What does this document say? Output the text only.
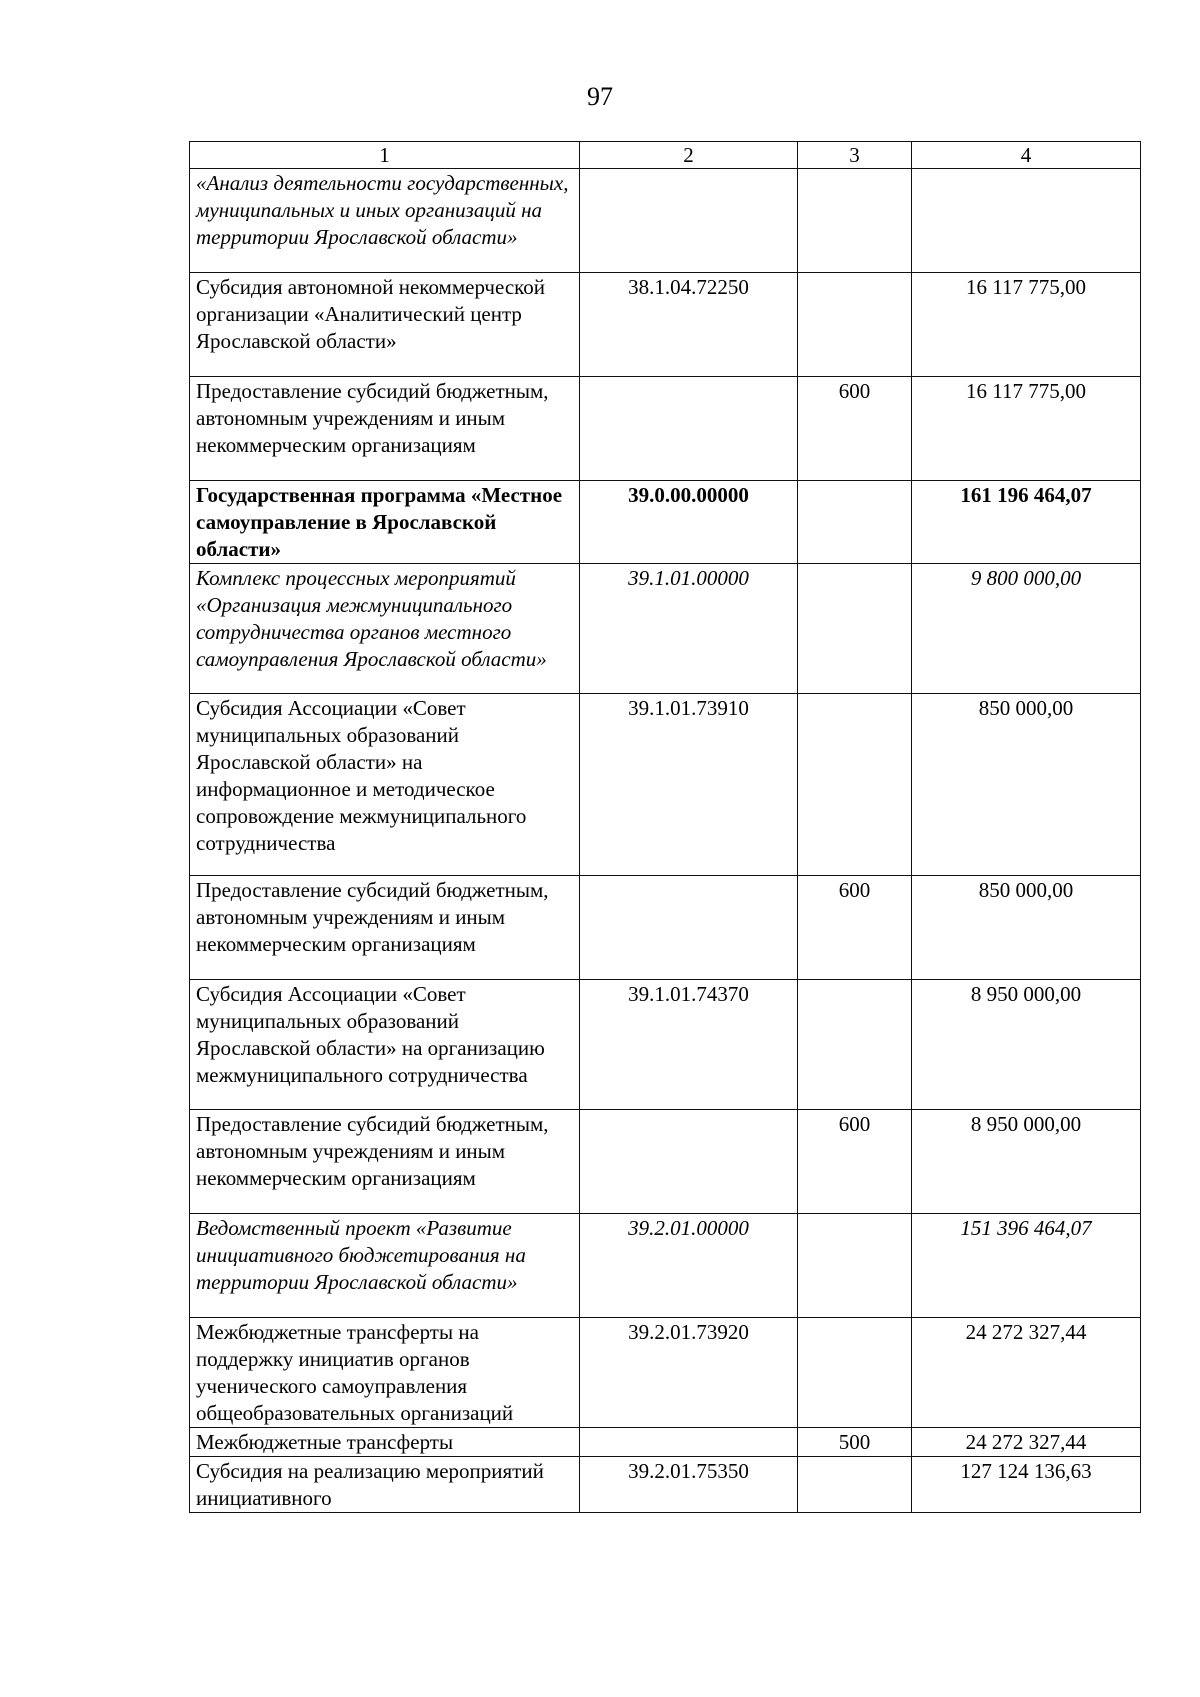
97
1	2	3	4
«Анализ деятельности государственных, муниципальных и иных организаций на территории Ярославской области»			
Субсидия автономной некоммерческой организации «Аналитический центр Ярославской области»	38.1.04.72250		16 117 775,00
Предоставление субсидий бюджетным, автономным учреждениям и иным некоммерческим организациям		600	16 117 775,00
Государственная программа «Местное самоуправление в Ярославской области»	39.0.00.00000		161 196 464,07
Комплекс процессных мероприятий «Организация межмуниципального сотрудничества органов местного самоуправления Ярославской области»	39.1.01.00000		9 800 000,00
Субсидия Ассоциации «Совет муниципальных образований Ярославской области» на информационное и методическое сопровождение межмуниципального сотрудничества	39.1.01.73910		850 000,00
Предоставление субсидий бюджетным, автономным учреждениям и иным некоммерческим организациям		600	850 000,00
Субсидия Ассоциации «Совет муниципальных образований Ярославской области» на организацию межмуниципального сотрудничества	39.1.01.74370		8 950 000,00
Предоставление субсидий бюджетным, автономным учреждениям и иным некоммерческим организациям		600	8 950 000,00
Ведомственный проект «Развитие инициативного бюджетирования на территории Ярославской области»	39.2.01.00000		151 396 464,07
Межбюджетные трансферты на поддержку инициатив органов ученического самоуправления общеобразовательных организаций	39.2.01.73920		24 272 327,44
Межбюджетные трансферты		500	24 272 327,44
Субсидия на реализацию мероприятий инициативного	39.2.01.75350		127 124 136,63
